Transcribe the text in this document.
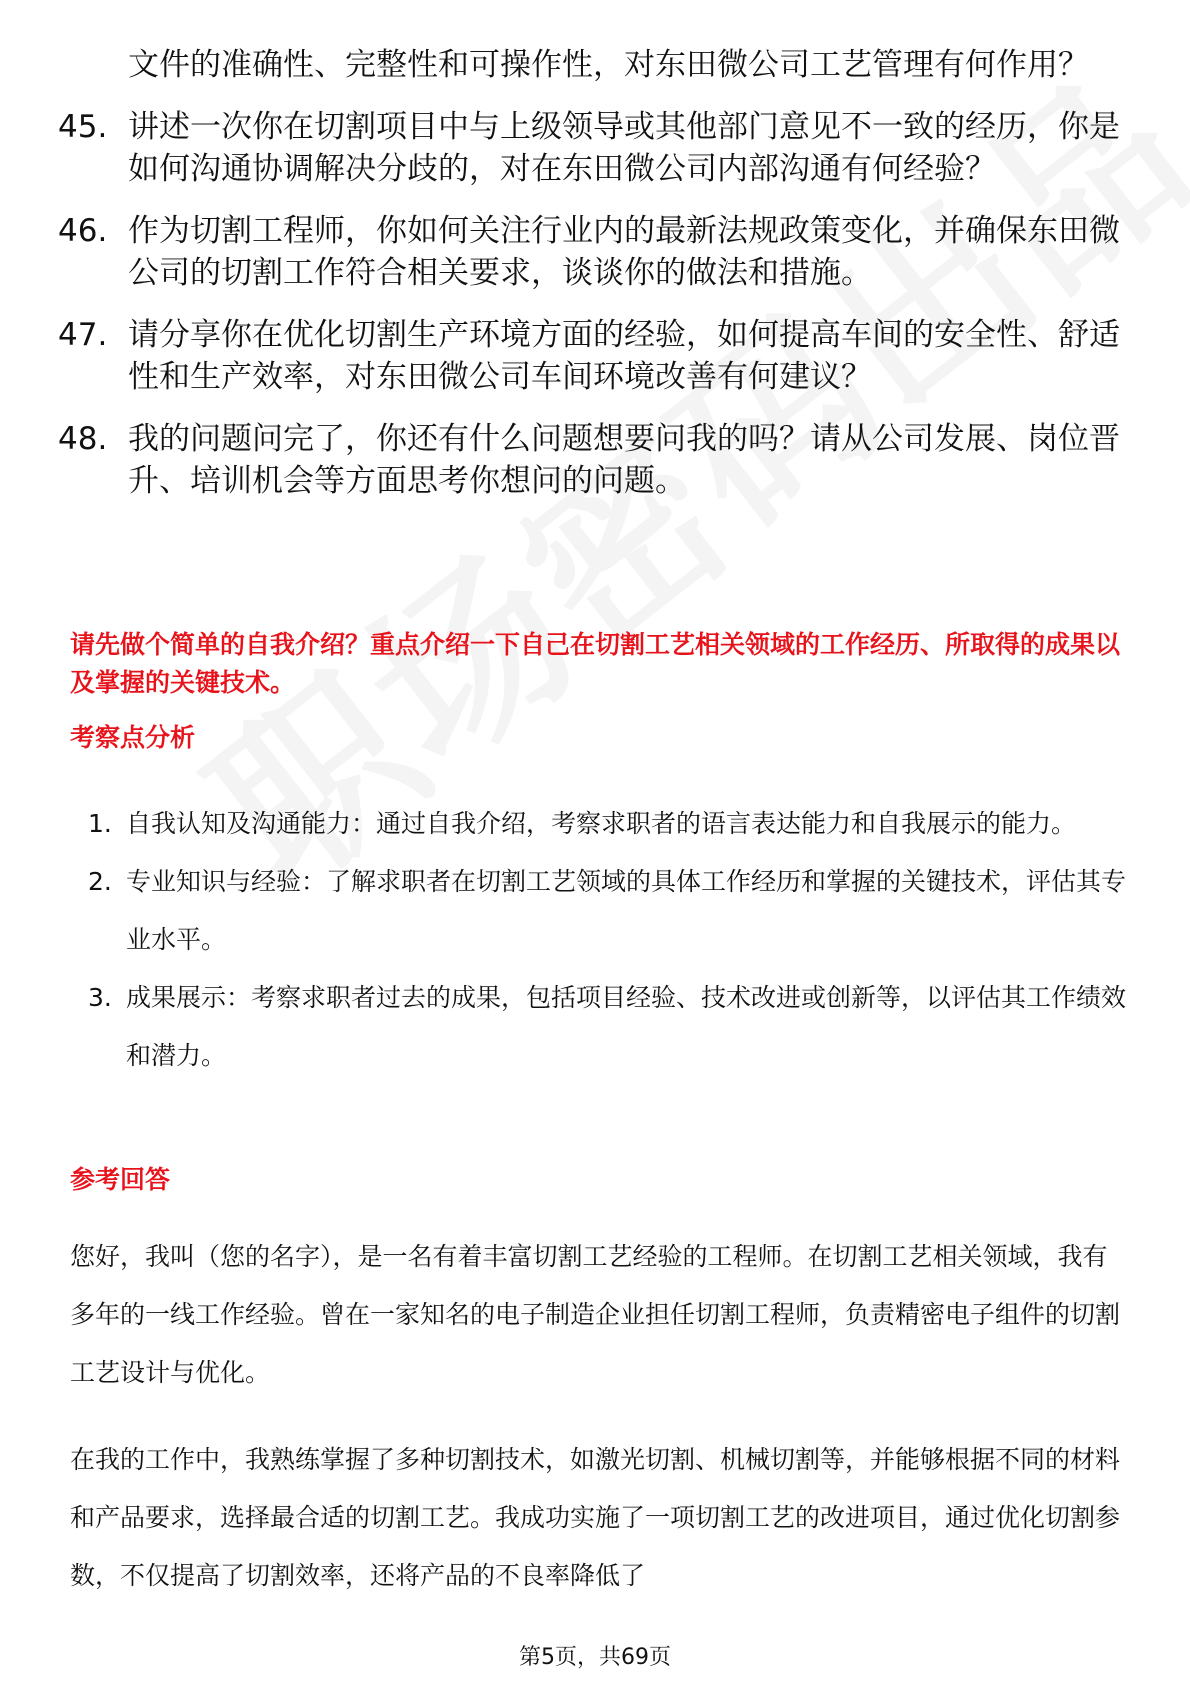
文件的准确性、完整性和可操作性，对东田微公司工艺管理有何作用？
45. 讲述一次你在切割项目中与上级领导或其他部门意见不一致的经历，你是如何沟通协调解决分歧的，对在东田微公司内部沟通有何经验？
46. 作为切割工程师，你如何关注行业内的最新法规政策变化，并确保东田微公司的切割工作符合相关要求，谈谈你的做法和措施。
47. 请分享你在优化切割生产环境方面的经验，如何提高车间的安全性、舒适性和生产效率，对东田微公司车间环境改善有何建议？
48. 我的问题问完了，你还有什么问题想要问我的吗？请从公司发展、岗位晋升、培训机会等方面思考你想问的问题。
请先做个简单的自我介绍？重点介绍一下自己在切割工艺相关领域的工作经历、所取得的成果以及掌握的关键技术。
考察点分析
1. 自我认知及沟通能力：通过自我介绍，考察求职者的语言表达能力和自我展示的能力。
2. 专业知识与经验：了解求职者在切割工艺领域的具体工作经历和掌握的关键技术，评估其专业水平。
3. 成果展示：考察求职者过去的成果，包括项目经验、技术改进或创新等，以评估其工作绩效和潜力。
参考回答
您好，我叫（您的名字），是一名有着丰富切割工艺经验的工程师。在切割工艺相关领域，我有多年的一线工作经验。曾在一家知名的电子制造企业担任切割工程师，负责精密电子组件的切割工艺设计与优化。
在我的工作中，我熟练掌握了多种切割技术，如激光切割、机械切割等，并能够根据不同的材料和产品要求，选择最合适的切割工艺。我成功实施了一项切割工艺的改进项目，通过优化切割参数，不仅提高了切割效率，还将产品的不良率降低了
第5页，共69页
